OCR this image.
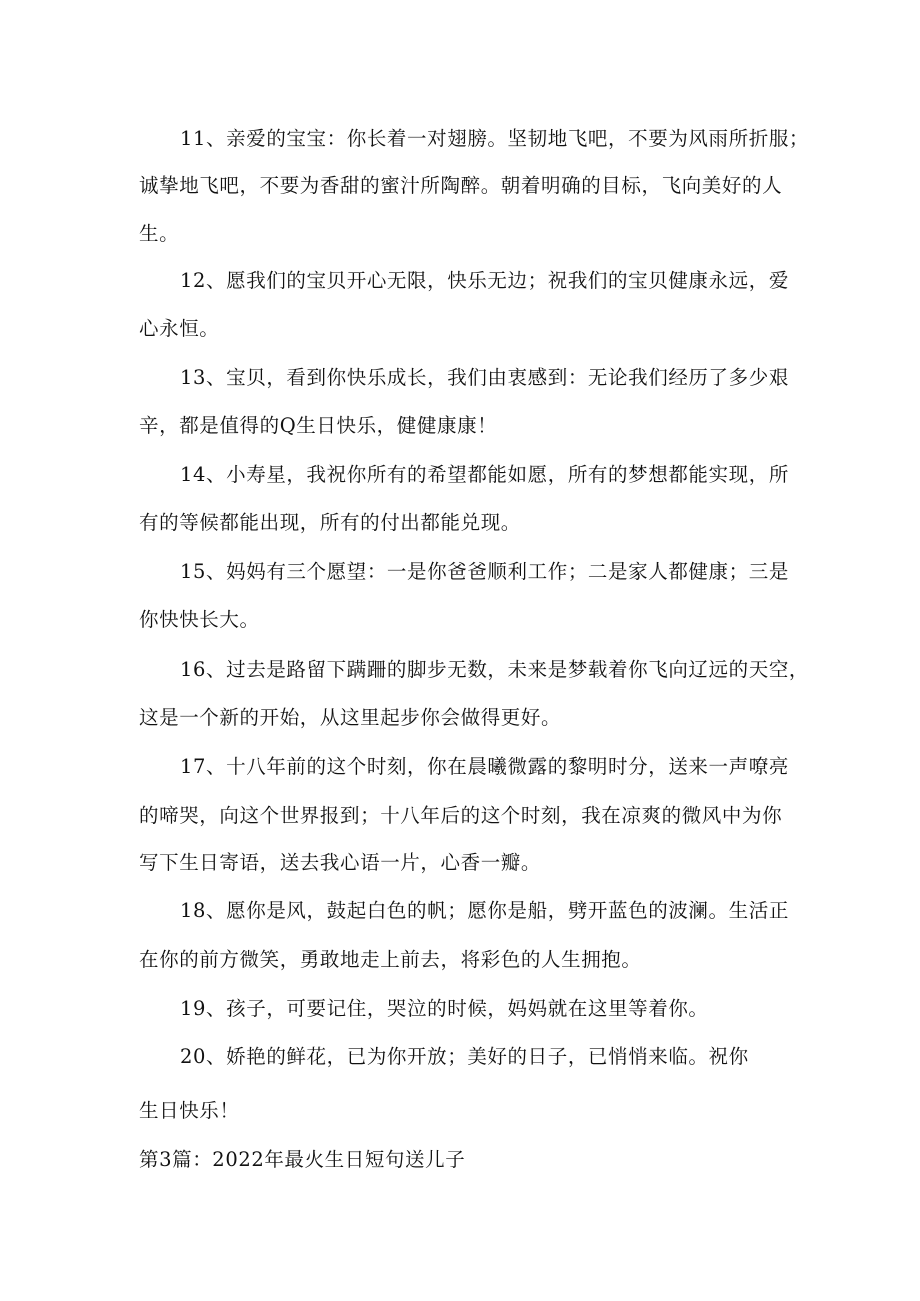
11、亲爱的宝宝：你长着一对翅膀。坚韧地飞吧，不要为风雨所折服；
诚挚地飞吧，不要为香甜的蜜汁所陶醉。朝着明确的目标，飞向美好的人
生。
12、愿我们的宝贝开心无限，快乐无边；祝我们的宝贝健康永远，爱
心永恒。
13、宝贝，看到你快乐成长，我们由衷感到：无论我们经历了多少艰
辛，都是值得的Q生日快乐，健健康康！
14、小寿星，我祝你所有的希望都能如愿，所有的梦想都能实现，所
有的等候都能出现，所有的付出都能兑现。
15、妈妈有三个愿望：一是你爸爸顺利工作；二是家人都健康；三是
你快快长大。
16、过去是路留下蹒跚的脚步无数，未来是梦载着你飞向辽远的天空，
这是一个新的开始，从这里起步你会做得更好。
17、十八年前的这个时刻，你在晨曦微露的黎明时分，送来一声嘹亮
的啼哭，向这个世界报到；十八年后的这个时刻，我在凉爽的微风中为你
写下生日寄语，送去我心语一片，心香一瓣。
18、愿你是风，鼓起白色的帆；愿你是船，劈开蓝色的波澜。生活正
在你的前方微笑，勇敢地走上前去，将彩色的人生拥抱。
19、孩子，可要记住，哭泣的时候，妈妈就在这里等着你。
20、娇艳的鲜花，已为你开放；美好的日子，已悄悄来临。祝你
生日快乐！
第3篇：2022年最火生日短句送儿子
